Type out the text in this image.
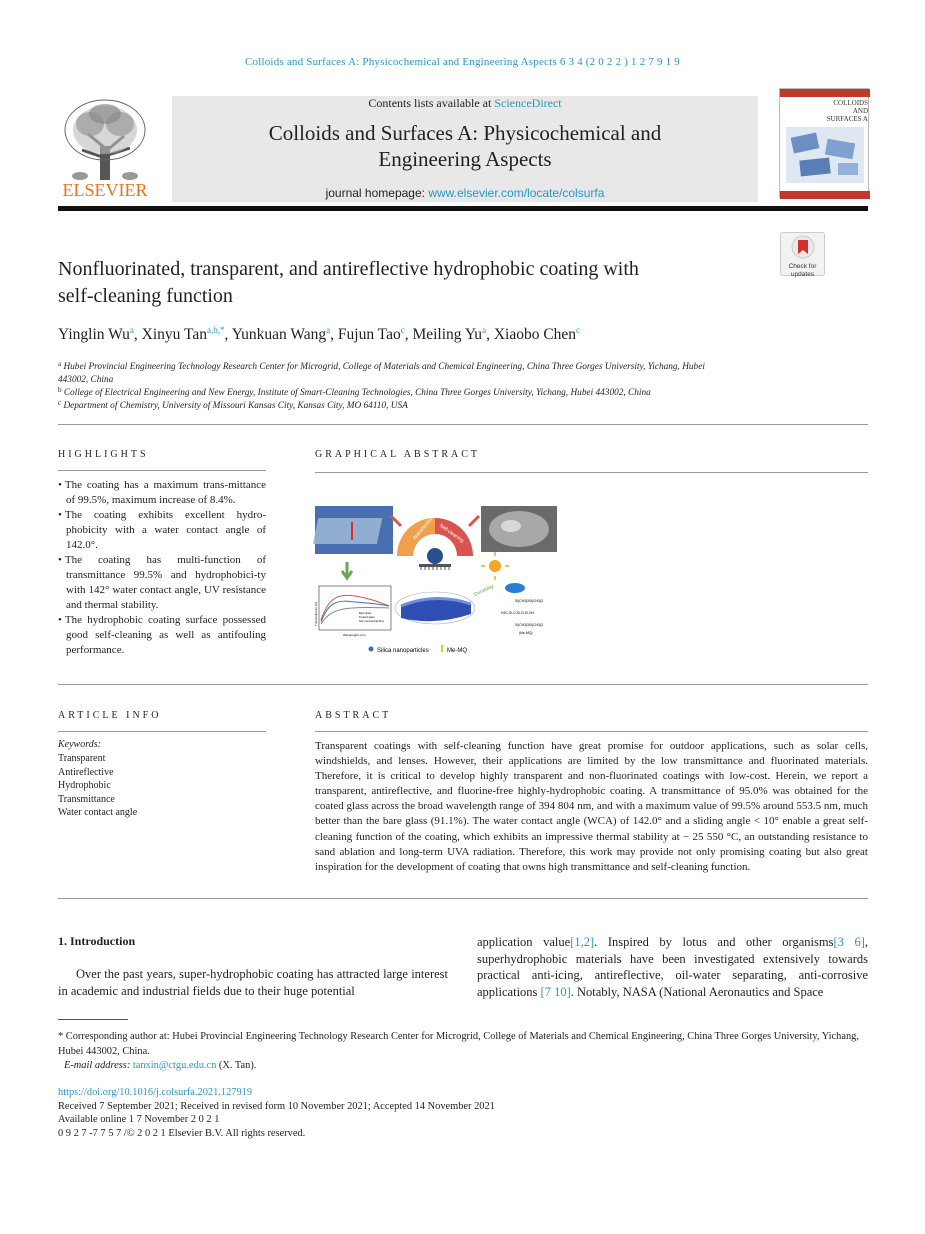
Colloids and Surfaces A: Physicochemical and Engineering Aspects 6 3 4 (2 0 2 2 ) 1 2 7 9 1 9
ELSEVIER
Contents lists available at ScienceDirect
Colloids and Surfaces A: Physicochemical and
Engineering Aspects
journal homepage: www.elsevier.com/locate/colsurfa
COLLOIDS AND SURFACES A
Check for
updates
Nonfluorinated, transparent, and antireflective hydrophobic coating with
self-cleaning function
Yinglin Wu$^a$, Xinyu Tan$^{a,b,*}$, Yunkuan Wang$^a$, Fujun Tao$^c$, Meiling Yu$^a$, Xiaobo Chen$^c$
$^a$ Hubei Provincial Engineering Technology Research Center for Microgrid, College of Materials and Chemical Engineering, China Three Gorges University, Yichang, Hubei
443002, China
$^b$ College of Electrical Engineering and New Energy, Institute of Smart-Cleaning Technologies, China Three Gorges University, Yichang, Hubei 443002, China
$^c$ Department of Chemistry, University of Missouri Kansas City, Kansas City, MO 64110, USA
HIGHLIGHTS
• The coating has a maximum trans-mittance of 99.5%, maximum increase of 8.4%.
• The coating exhibits excellent hydro-phobicity with a water contact angle of 142.0°.
• The coating has multi-function of transmittance 99.5% and hydrophobici-ty with 142° water contact angle, UV resistance and thermal stability.
• The hydrophobic coating surface possessed good self-cleaning as well as antifouling performance.
GRAPHICAL ABSTRACT
Antireflection Self-cleaning
Durability
Transmittance (%)
Wavelength (nm)
Bare glass
Treated glass
Non-commercial films
Si(CH3)3Si(CH3)3
H3C-Si-O-Si-O-Si-OH
Si(CH3)3Si(CH3)3
(Me-MQ)
Silica nanoparticles	Me-MQ
ARTICLE INFO
Keywords:
Transparent
Antireflective
Hydrophobic
Transmittance
Water contact angle
ABSTRACT
Transparent coatings with self-cleaning function have great promise for outdoor applications, such as solar cells, windshields, and lenses. However, their applications are limited by the low transmittance and fluorinated materials. Therefore, it is critical to develop highly transparent and non-fluorinated coatings with low-cost. Herein, we report a transparent, antireflective, and fluorine-free highly-hydrophobic coating. A transmittance of 95.0% was obtained for the coated glass across the broad wavelength range of 394 804 nm, and with a maximum value of 99.5% around 553.5 nm, much better than the bare glass (91.1%). The water contact angle (WCA) of 142.0° and a sliding angle < 10° enable a great self-cleaning function of the coating, which exhibits an impressive thermal stability at − 25 550 °C, an outstanding resistance to sand ablation and long-term UVA radiation. Therefore, this work may provide not only promising coating but also great inspiration for the development of coating that owns high transmittance and self-cleaning function.
1. Introduction
Over the past years, super-hydrophobic coating has attracted large interest in academic and industrial fields due to their huge potential
application value[1,2]. Inspired by lotus and other organisms[3 6], superhydrophobic materials have been investigated extensively towards practical anti-icing, antireflective, oil-water separating, anti-corrosive applications [7 10]. Notably, NASA (National Aeronautics and Space
* Corresponding author at: Hubei Provincial Engineering Technology Research Center for Microgrid, College of Materials and Chemical Engineering, China Three Gorges University, Yichang, Hubei 443002, China.
E-mail address: tanxin@ctgu.edu.cn (X. Tan).
https://doi.org/10.1016/j.colsurfa.2021.127919
Received 7 September 2021; Received in revised form 10 November 2021; Accepted 14 November 2021
Available online 1 7 November 2 0 2 1
0 9 2 7 -7 7 5 7 /© 2 0 2 1 Elsevier B.V. All rights reserved.
